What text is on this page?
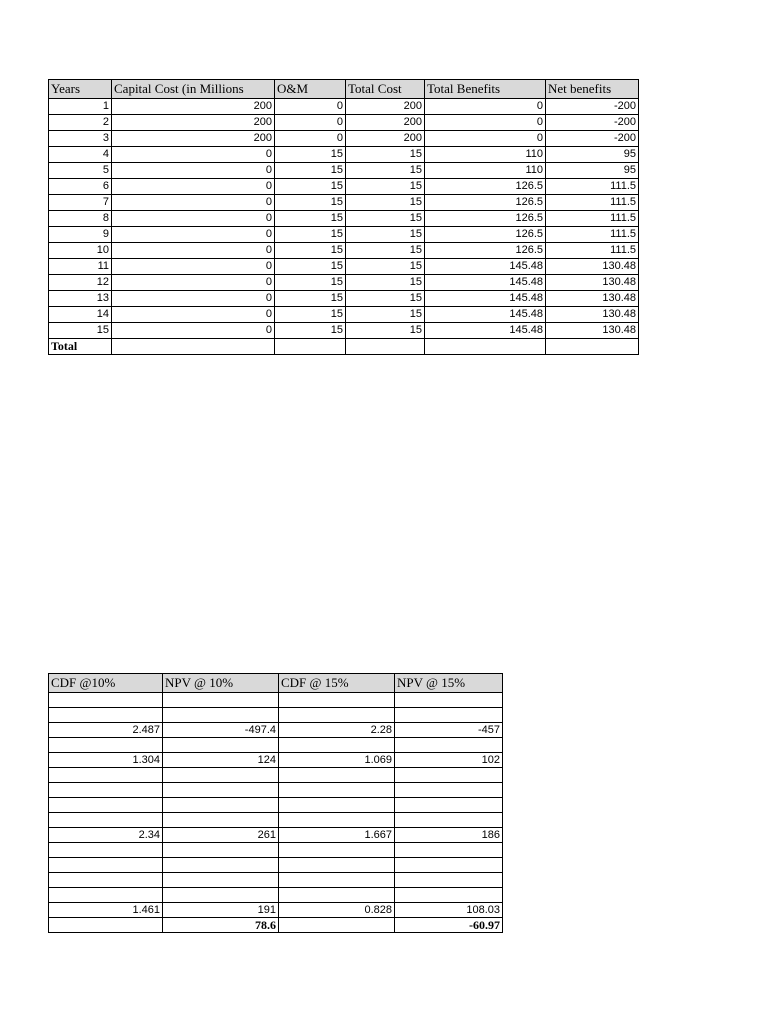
Years	Capital Cost (in Millions	O&M	Total Cost	Total Benefits	Net benefits
1	200	0	200	0	-200
2	200	0	200	0	-200
3	200	0	200	0	-200
4	0	15	15	110	95
5	0	15	15	110	95
6	0	15	15	126.5	111.5
7	0	15	15	126.5	111.5
8	0	15	15	126.5	111.5
9	0	15	15	126.5	111.5
10	0	15	15	126.5	111.5
11	0	15	15	145.48	130.48
12	0	15	15	145.48	130.48
13	0	15	15	145.48	130.48
14	0	15	15	145.48	130.48
15	0	15	15	145.48	130.48
Total					
CDF @10%	NPV @ 10%	CDF @ 15%	NPV @ 15%

2.487	-497.4	2.28	-457

1.304	124	1.069	102

2.34	261	1.667	186

1.461	191	0.828	108.03
	78.6		-60.97
